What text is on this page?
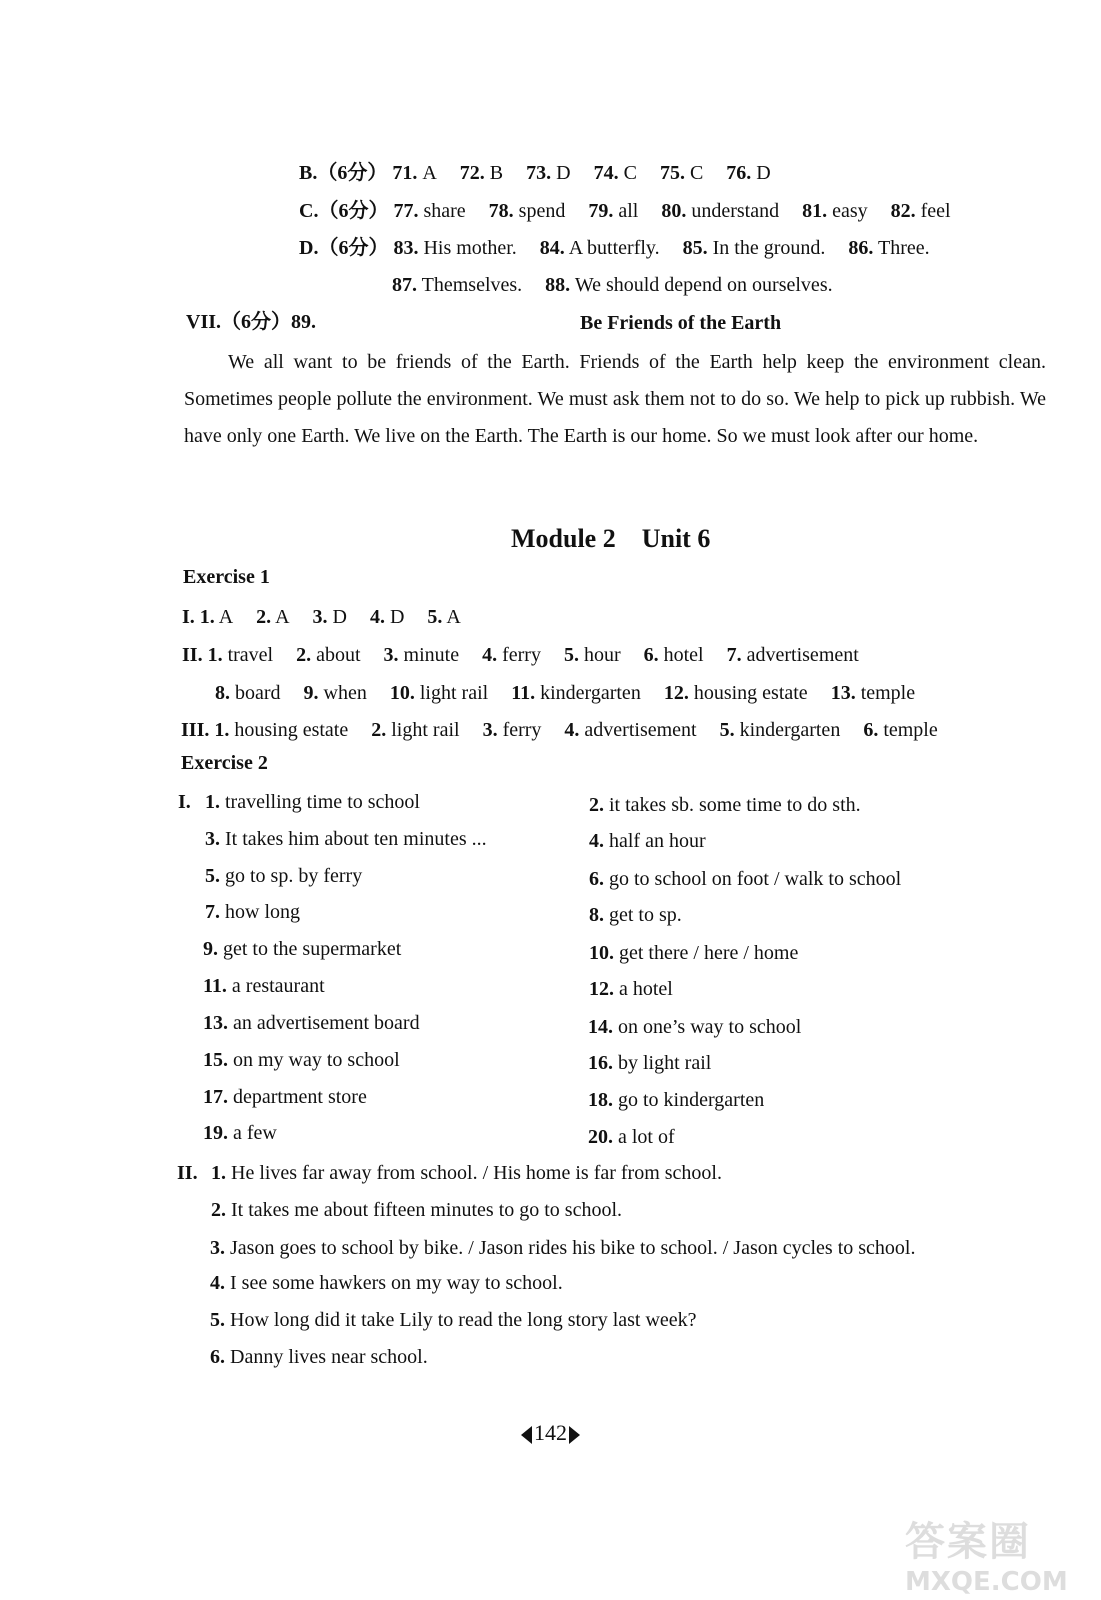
B.（6分） 71. A 72. B 73. D 74. C 75. C 76. D
C.（6分） 77. share 78. spend 79. all 80. understand 81. easy 82. feel
D.（6分） 83. His mother. 84. A butterfly. 85. In the ground. 86. Three.
87. Themselves. 88. We should depend on ourselves.
VII.（6分）89.	Be Friends of the Earth
We all want to be friends of the Earth. Friends of the Earth help keep the environment clean. Sometimes people pollute the environment. We must ask them not to do so. We help to pick up rubbish. We have only one Earth. We live on the Earth. The Earth is our home. So we must look after our home.
Module 2　Unit 6
Exercise 1
I. 1. A 2. A 3. D 4. D 5. A
II. 1. travel 2. about 3. minute 4. ferry 5. hour 6. hotel 7. advertisement
8. board 9. when 10. light rail 11. kindergarten 12. housing estate 13. temple
III. 1. housing estate 2. light rail 3. ferry 4. advertisement 5. kindergarten 6. temple
Exercise 2
I. 1. travelling time to school	2. it takes sb. some time to do sth.
3. It takes him about ten minutes ...	4. half an hour
5. go to sp. by ferry	6. go to school on foot / walk to school
7. how long	8. get to sp.
9. get to the supermarket	10. get there / here / home
11. a restaurant	12. a hotel
13. an advertisement board	14. on one’s way to school
15. on my way to school	16. by light rail
17. department store	18. go to kindergarten
19. a few	20. a lot of
II. 1. He lives far away from school. / His home is far from school.
2. It takes me about fifteen minutes to go to school.
3. Jason goes to school by bike. / Jason rides his bike to school. / Jason cycles to school.
4. I see some hawkers on my way to school.
5. How long did it take Lily to read the long story last week?
6. Danny lives near school.
142
答案圈
MXQE.COM
